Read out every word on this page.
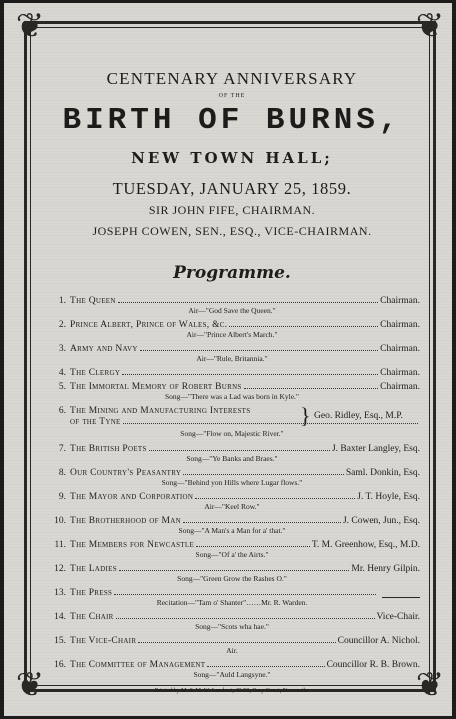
❦	❦
❦	❦
CENTENARY ANNIVERSARY
OF THE
BIRTH OF BURNS,
NEW TOWN HALL;
TUESDAY, JANUARY 25, 1859.
SIR JOHN FIFE, CHAIRMAN.
JOSEPH COWEN, SEN., ESQ., VICE-CHAIRMAN.
Programme.
1. The Queen	Chairman.
Air—"God Save the Queen."
2. Prince Albert, Prince of Wales, &c.	Chairman.
Air—"Prince Albert's March."
3. Army and Navy	Chairman.
Air—"Rule, Britannia."
4. The Clergy	Chairman.
5. The Immortal Memory of Robert Burns	Chairman.
Song—"There was a Lad was born in Kyle."
6. The Mining and Manufacturing Interests
of the Tyne	} Geo. Ridley, Esq., M.P.
Song—"Flow on, Majestic River."
7. The British Poets	J. Baxter Langley, Esq.
Song—"Ye Banks and Braes."
8. Our Country's Peasantry	Saml. Donkin, Esq.
Song—"Behind yon Hills where Lugar flows."
9. The Mayor and Corporation	J. T. Hoyle, Esq.
Air—"Keel Row."
10. The Brotherhood of Man	J. Cowen, Jun., Esq.
Song—"A Man's a Man for a' that."
11. The Members for Newcastle	T. M. Greenhow, Esq., M.D.
Song—"Of a' the Airts."
12. The Ladies	Mr. Henry Gilpin.
Song—"Green Grow the Rashes O."
13. The Press
Recitation—"Tam o' Shanter"……Mr. R. Warden.
14. The Chair	Vice-Chair.
Song—"Scots wha hae."
15. The Vice-Chair	Councillor A. Nichol.
Air.
16. The Committee of Management	Councillor R. B. Brown.
Song—"Auld Langsyne."
Printed by M. & M. W. Lambert, 49-50, Grey Street, Newcastle.
